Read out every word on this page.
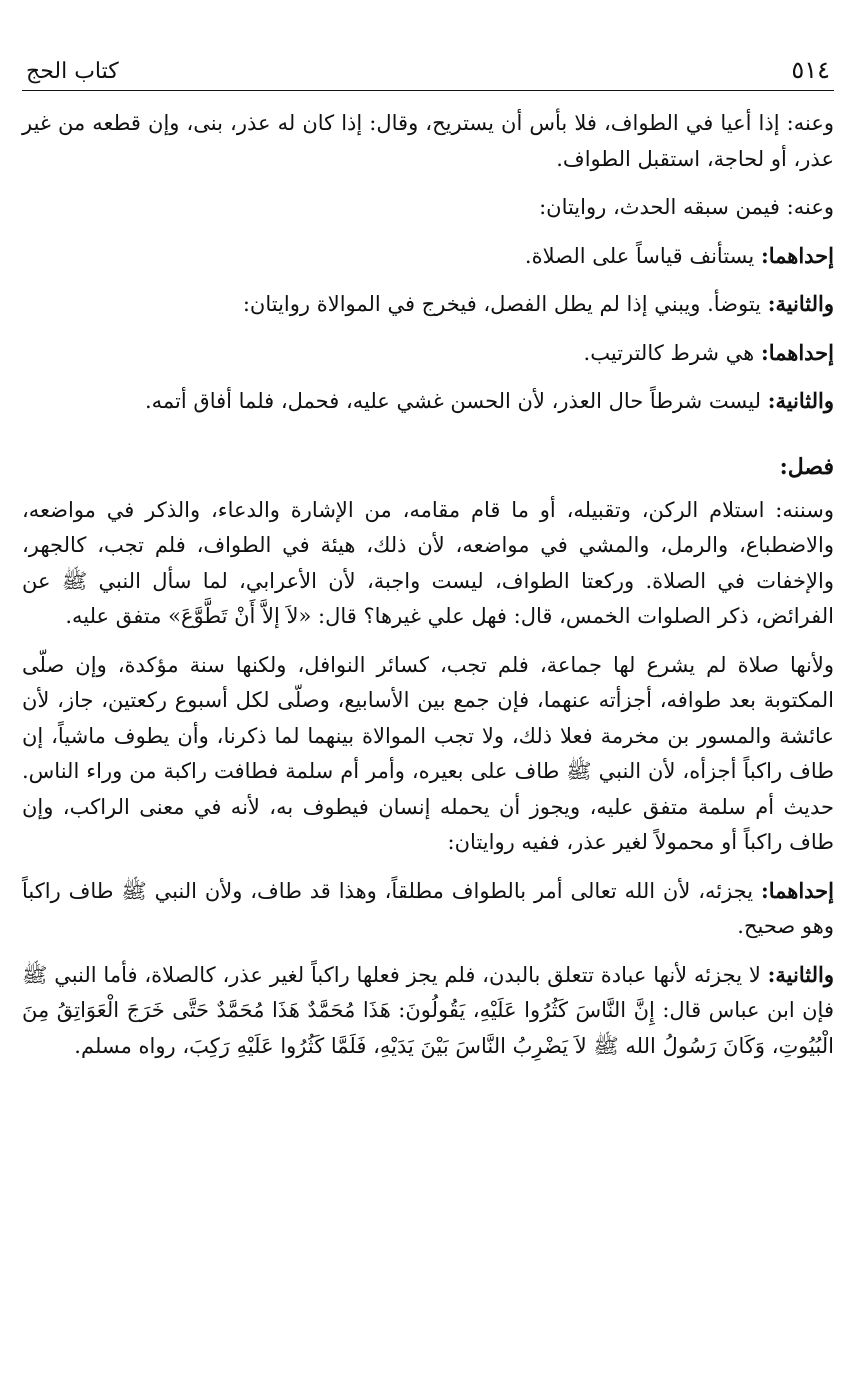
٥١٤
كتاب الحج

وعنه: إذا أعيا في الطواف، فلا بأس أن يستريح، وقال: إذا كان له عذر، بنى، وإن قطعه من غير عذر، أو لحاجة، استقبل الطواف.

وعنه: فيمن سبقه الحدث، روايتان:

إحداهما: يستأنف قياساً على الصلاة.

والثانية: يتوضأ. ويبني إذا لم يطل الفصل، فيخرج في الموالاة روايتان:

إحداهما: هي شرط كالترتيب.

والثانية: ليست شرطاً حال العذر، لأن الحسن غشي عليه، فحمل، فلما أفاق أتمه.

فصل:

وسننه: استلام الركن، وتقبيله، أو ما قام مقامه، من الإشارة والدعاء، والذكر في مواضعه، والاضطباع، والرمل، والمشي في مواضعه، لأن ذلك، هيئة في الطواف، فلم تجب، كالجهر، والإخفات في الصلاة. وركعتا الطواف، ليست واجبة، لأن الأعرابي، لما سأل النبي ﷺ عن الفرائض، ذكر الصلوات الخمس، قال: فهل علي غيرها؟ قال: «لاَ إلاَّ أَنْ تَطَّوَّعَ» متفق عليه.

ولأنها صلاة لم يشرع لها جماعة، فلم تجب، كسائر النوافل، ولكنها سنة مؤكدة، وإن صلّى المكتوبة بعد طوافه، أجزأته عنهما، فإن جمع بين الأسابيع، وصلّى لكل أسبوع ركعتين، جاز، لأن عائشة والمسور بن مخرمة فعلا ذلك، ولا تجب الموالاة بينهما لما ذكرنا، وأن يطوف ماشياً، إن طاف راكباً أجزأه، لأن النبي ﷺ طاف على بعيره، وأمر أم سلمة فطافت راكبة من وراء الناس. حديث أم سلمة متفق عليه، ويجوز أن يحمله إنسان فيطوف به، لأنه في معنى الراكب، وإن طاف راكباً أو محمولاً لغير عذر، ففيه روايتان:

إحداهما: يجزئه، لأن الله تعالى أمر بالطواف مطلقاً، وهذا قد طاف، ولأن النبي ﷺ طاف راكباً وهو صحيح.

والثانية: لا يجزئه لأنها عبادة تتعلق بالبدن، فلم يجز فعلها راكباً لغير عذر، كالصلاة، فأما النبي ﷺ فإن ابن عباس قال: إِنَّ النَّاسَ كَثُرُوا عَلَيْهِ، يَقُولُونَ: هَذَا مُحَمَّدٌ هَذَا مُحَمَّدٌ حَتَّى خَرَجَ الْعَوَاتِقُ مِنَ الْبُيُوتِ، وَكَانَ رَسُولُ الله ﷺ لاَ يَضْرِبُ النَّاسَ بَيْنَ يَدَيْهِ، فَلَمَّا كَثُرُوا عَلَيْهِ رَكِبَ، رواه مسلم.
